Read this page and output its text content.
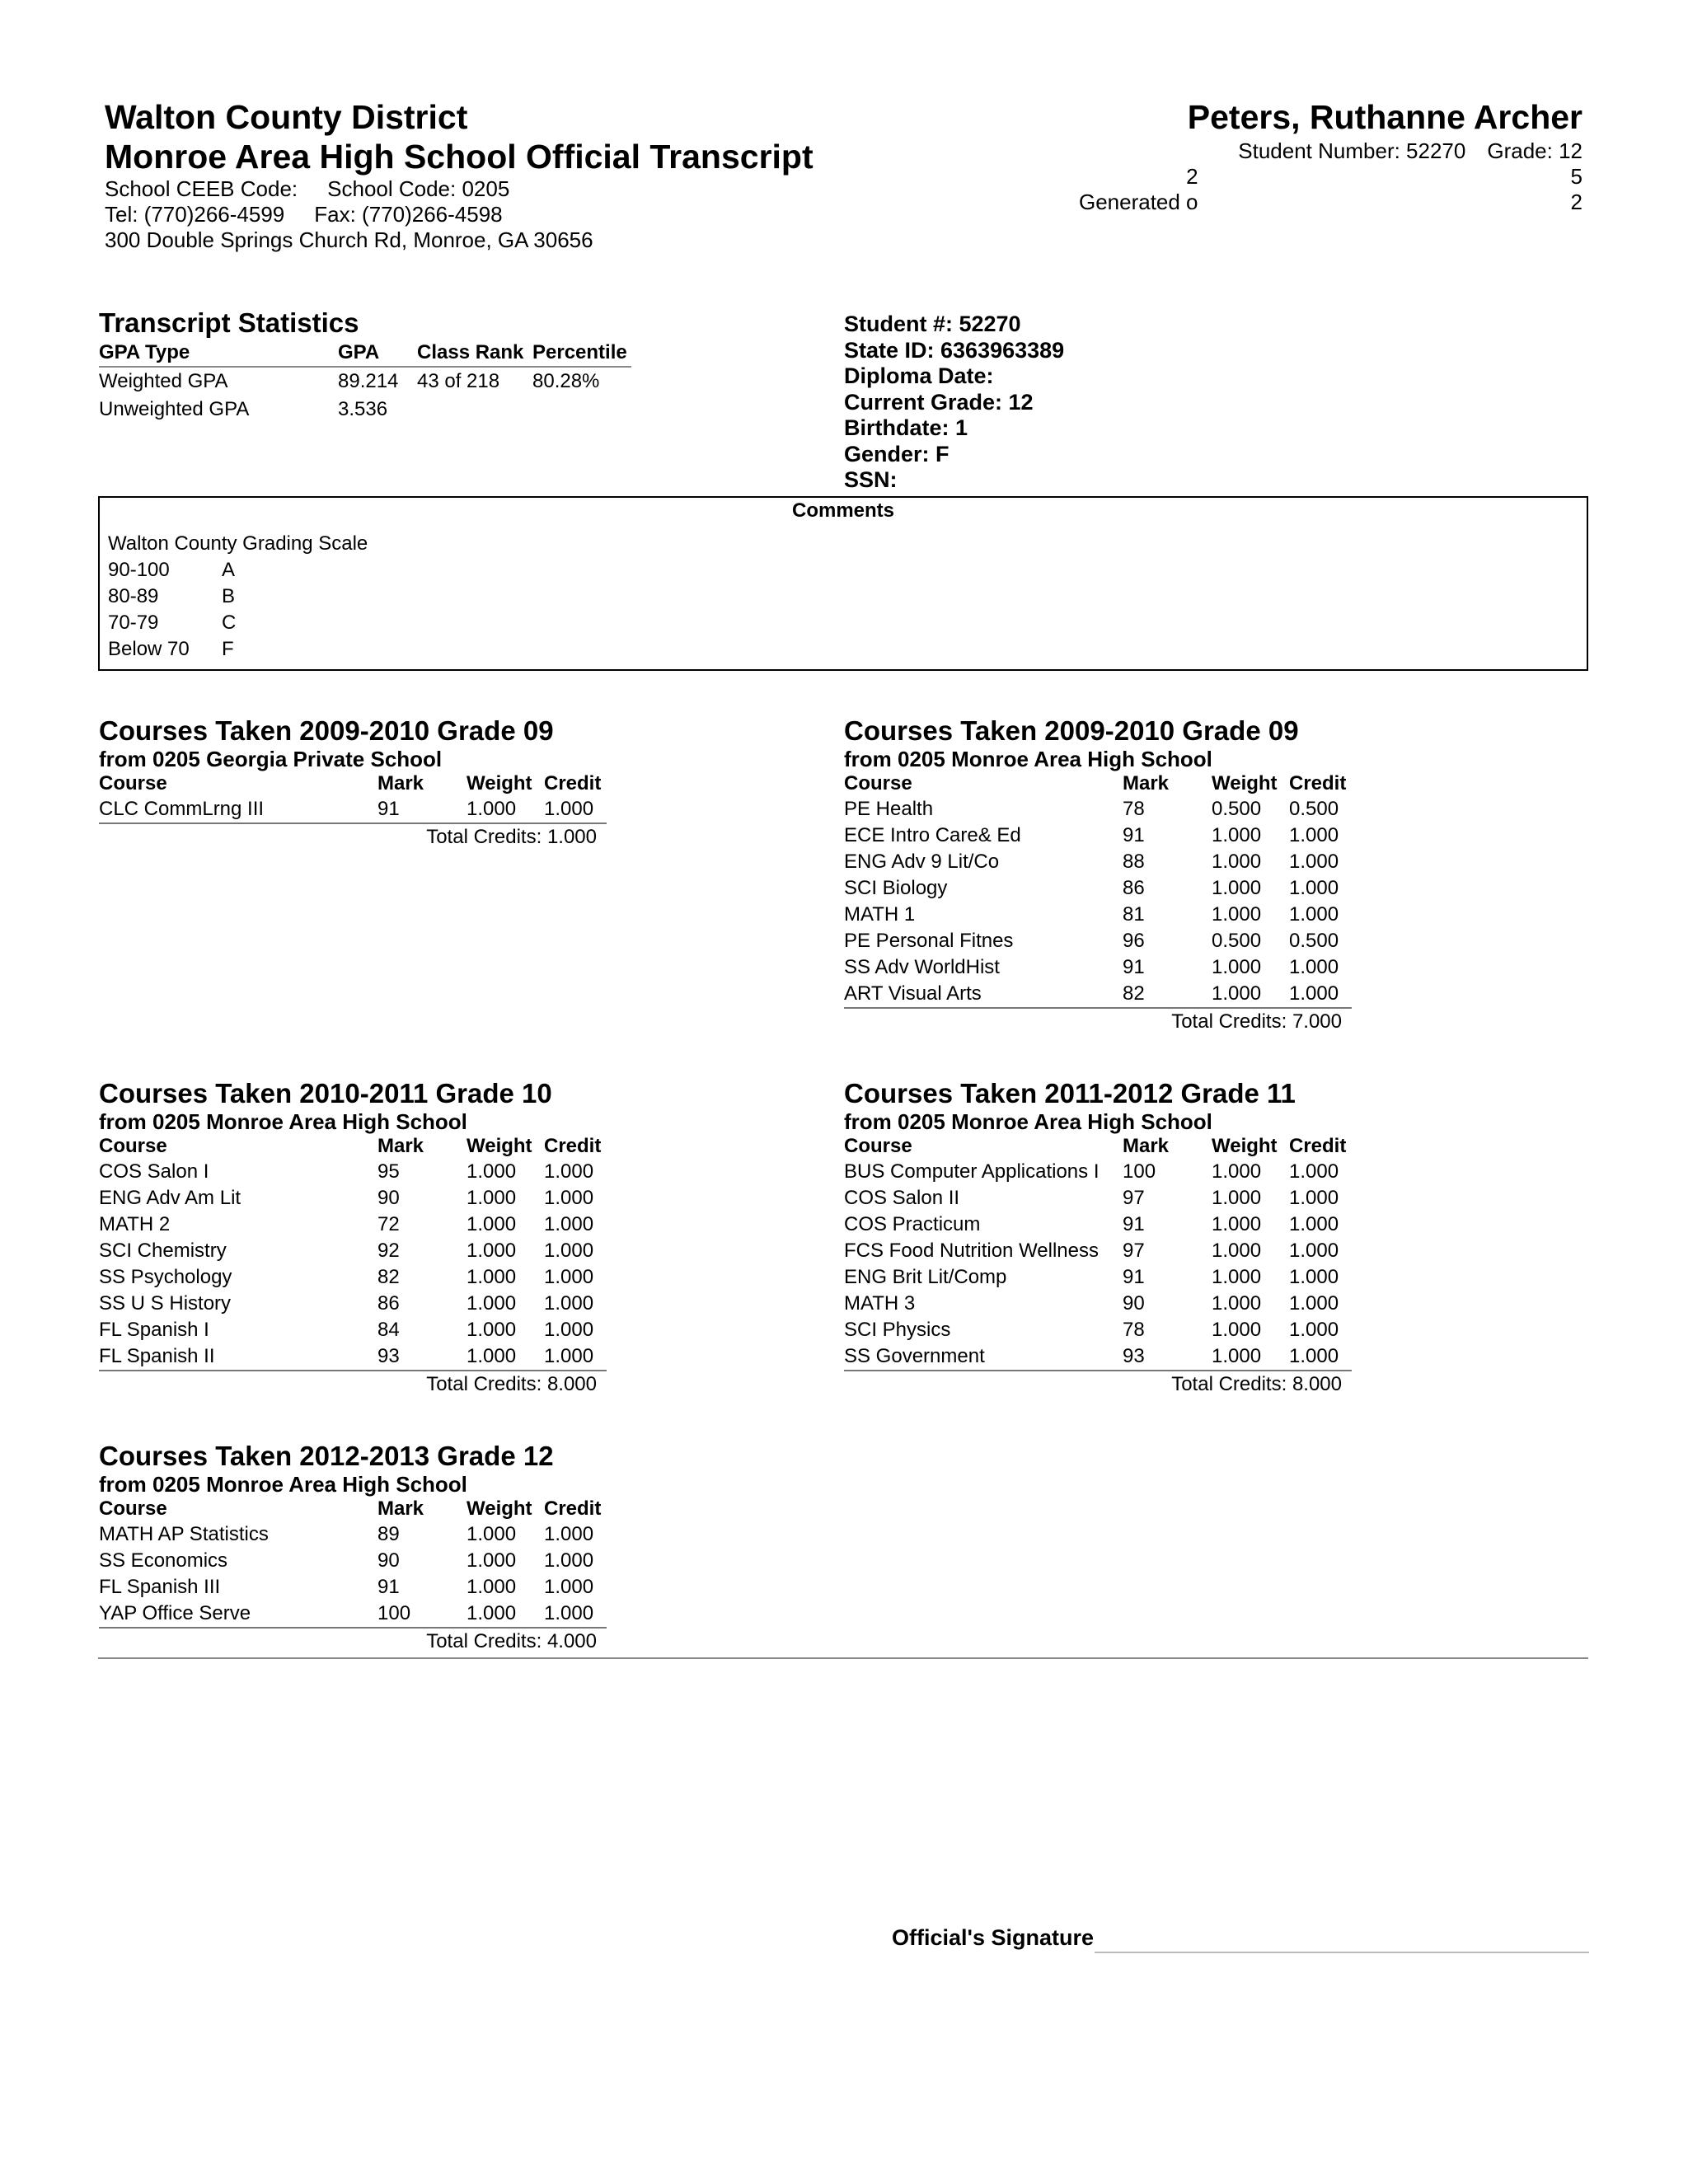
Walton County District
Monroe Area High School Official Transcript
School CEEB Code: School Code: 0205
Tel: (770)266-4599 Fax: (770)266-4598
300 Double Springs Church Rd, Monroe, GA 30656
Peters, Ruthanne Archer
Student Number: 52270 Grade: 12
2	5
Generated o	2
Transcript Statistics
GPA Type	GPA	Class Rank	Percentile
Weighted GPA	89.214	43 of 218	80.28%
Unweighted GPA	3.536		
Student #: 52270
State ID: 6363963389
Diploma Date:
Current Grade: 12
Birthdate: 1
Gender: F
SSN:
Comments
Walton County Grading Scale
90-100	A
80-89	B
70-79	C
Below 70	F
Courses Taken 2009-2010 Grade 09
from 0205 Georgia Private School
Course	Mark	Weight	Credit
CLC CommLrng III	91	1.000	1.000
Total Credits: 1.000			
Courses Taken 2009-2010 Grade 09
from 0205 Monroe Area High School
Course	Mark	Weight	Credit
PE Health	78	0.500	0.500
ECE Intro Care& Ed	91	1.000	1.000
ENG Adv 9 Lit/Co	88	1.000	1.000
SCI Biology	86	1.000	1.000
MATH 1	81	1.000	1.000
PE Personal Fitnes	96	0.500	0.500
SS Adv WorldHist	91	1.000	1.000
ART Visual Arts	82	1.000	1.000
Total Credits: 7.000			
Courses Taken 2010-2011 Grade 10
from 0205 Monroe Area High School
Course	Mark	Weight	Credit
COS Salon I	95	1.000	1.000
ENG Adv Am Lit	90	1.000	1.000
MATH 2	72	1.000	1.000
SCI Chemistry	92	1.000	1.000
SS Psychology	82	1.000	1.000
SS U S History	86	1.000	1.000
FL Spanish I	84	1.000	1.000
FL Spanish II	93	1.000	1.000
Total Credits: 8.000			
Courses Taken 2011-2012 Grade 11
from 0205 Monroe Area High School
Course	Mark	Weight	Credit
BUS Computer Applications I	100	1.000	1.000
COS Salon II	97	1.000	1.000
COS Practicum	91	1.000	1.000
FCS Food Nutrition Wellness	97	1.000	1.000
ENG Brit Lit/Comp	91	1.000	1.000
MATH 3	90	1.000	1.000
SCI Physics	78	1.000	1.000
SS Government	93	1.000	1.000
Total Credits: 8.000			
Courses Taken 2012-2013 Grade 12
from 0205 Monroe Area High School
Course	Mark	Weight	Credit
MATH AP Statistics	89	1.000	1.000
SS Economics	90	1.000	1.000
FL Spanish III	91	1.000	1.000
YAP Office Serve	100	1.000	1.000
Total Credits: 4.000			
Official's Signature
